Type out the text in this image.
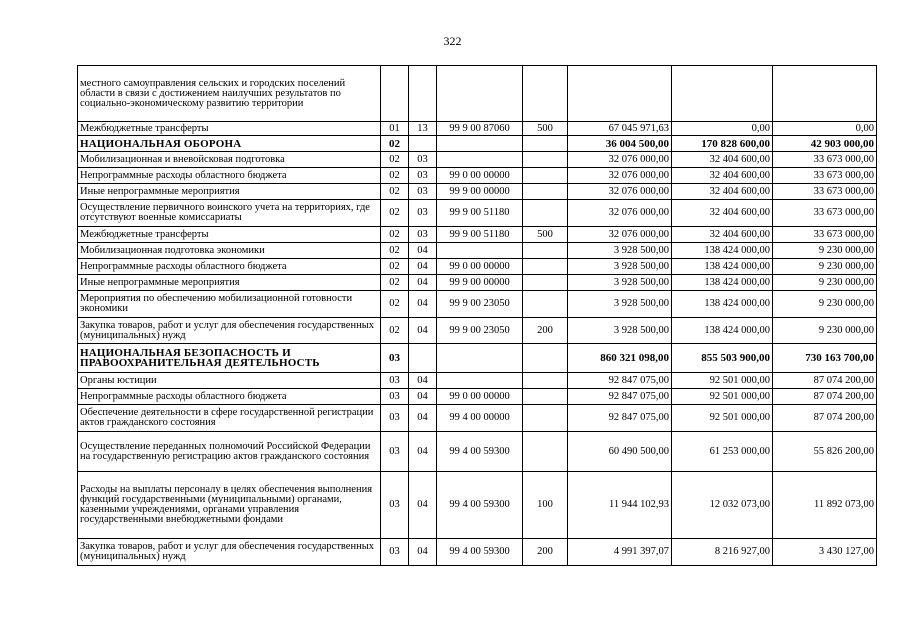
322
местного самоуправления сельских и городских поселений области в связи с достижением наилучших результатов по социально-экономическому развитию территории							
Межбюджетные трансферты	01	13	99 9 00 87060	500	67 045 971,63	0,00	0,00
НАЦИОНАЛЬНАЯ ОБОРОНА	02				36 004 500,00	170 828 600,00	42 903 000,00
Мобилизационная и вневойсковая подготовка	02	03			32 076 000,00	32 404 600,00	33 673 000,00
Непрограммные расходы областного бюджета	02	03	99 0 00 00000		32 076 000,00	32 404 600,00	33 673 000,00
Иные непрограммные мероприятия	02	03	99 9 00 00000		32 076 000,00	32 404 600,00	33 673 000,00
Осуществление первичного воинского учета на территориях, где отсутствуют военные комиссариаты	02	03	99 9 00 51180		32 076 000,00	32 404 600,00	33 673 000,00
Межбюджетные трансферты	02	03	99 9 00 51180	500	32 076 000,00	32 404 600,00	33 673 000,00
Мобилизационная подготовка экономики	02	04			3 928 500,00	138 424 000,00	9 230 000,00
Непрограммные расходы областного бюджета	02	04	99 0 00 00000		3 928 500,00	138 424 000,00	9 230 000,00
Иные непрограммные мероприятия	02	04	99 9 00 00000		3 928 500,00	138 424 000,00	9 230 000,00
Мероприятия по обеспечению мобилизационной готовности экономики	02	04	99 9 00 23050		3 928 500,00	138 424 000,00	9 230 000,00
Закупка товаров, работ и услуг для обеспечения государственных (муниципальных) нужд	02	04	99 9 00 23050	200	3 928 500,00	138 424 000,00	9 230 000,00
НАЦИОНАЛЬНАЯ БЕЗОПАСНОСТЬ И ПРАВООХРАНИТЕЛЬНАЯ ДЕЯТЕЛЬНОСТЬ	03				860 321 098,00	855 503 900,00	730 163 700,00
Органы юстиции	03	04			92 847 075,00	92 501 000,00	87 074 200,00
Непрограммные расходы областного бюджета	03	04	99 0 00 00000		92 847 075,00	92 501 000,00	87 074 200,00
Обеспечение деятельности в сфере государственной регистрации актов гражданского состояния	03	04	99 4 00 00000		92 847 075,00	92 501 000,00	87 074 200,00
Осуществление переданных полномочий Российской Федерации на государственную регистрацию актов гражданского состояния	03	04	99 4 00 59300		60 490 500,00	61 253 000,00	55 826 200,00
Расходы на выплаты персоналу в целях обеспечения выполнения функций государственными (муниципальными) органами, казенными учреждениями, органами управления государственными внебюджетными фондами	03	04	99 4 00 59300	100	11 944 102,93	12 032 073,00	11 892 073,00
Закупка товаров, работ и услуг для обеспечения государственных (муниципальных) нужд	03	04	99 4 00 59300	200	4 991 397,07	8 216 927,00	3 430 127,00
